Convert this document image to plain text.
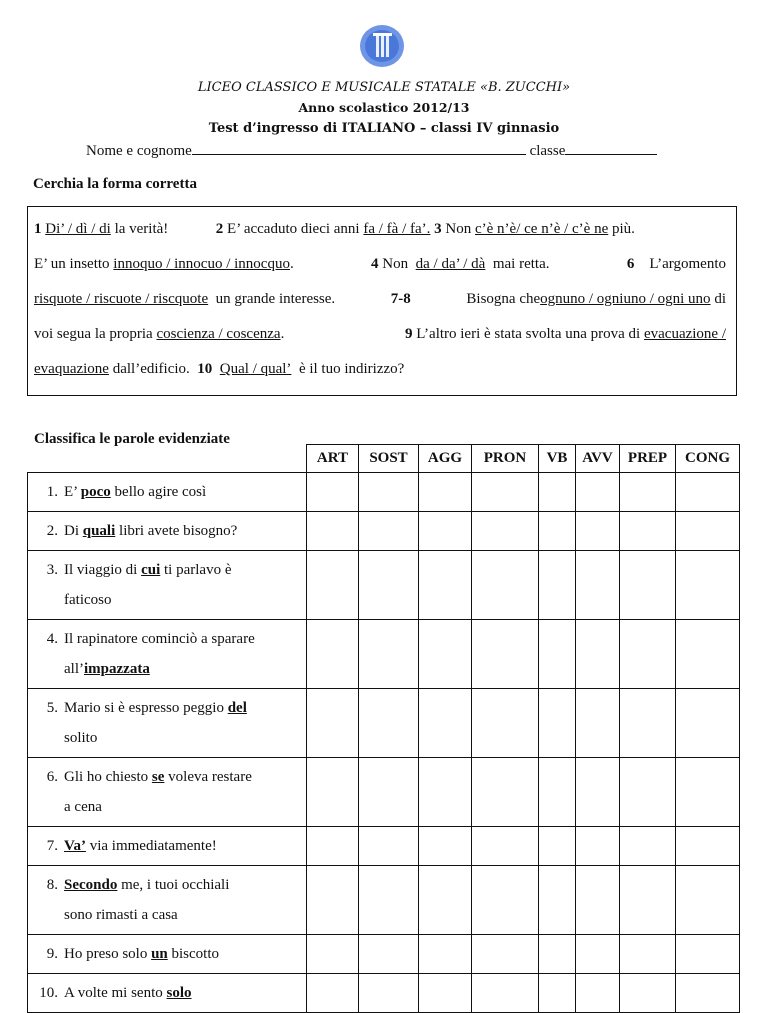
LICEO CLASSICO E MUSICALE STATALE «B. ZUCCHI»
Anno scolastico 2012/13
Test d’ingresso di ITALIANO – classi IV ginnasio
Nome e cognome	classe
Cerchia la forma corretta
1 Di’ / dì / di la verità!	2 E’ accaduto dieci anni fa / fà / fa’. 3 Non c’è n’è/ ce n’è / c’è ne più.
E’ un insetto innoquo / innocuo / innocquo.	4 Non da / da’ / dà mai retta.	6 L’argomento
risquote / riscuote / riscquote un grande interesse.	7-8	Bisogna cheognuno / ogniuno / ogni uno di
voi segua la propria coscienza / coscenza.	9 L’altro ieri è stata svolta una prova di evacuazione /
evaquazione dall’edificio. 10 Qual / qual’ è il tuo indirizzo?
Classifica le parole evidenziate
	ART	SOST	AGG	PRON	VB	AVV	PREP	CONG
1. E’ poco bello agire così								
2. Di quali libri avete bisogno?								
3. Il viaggio di cui ti parlavo è
faticoso								

4. Il rapinatore cominciò a sparare
all’impazzata								

5. Mario si è espresso peggio del
solito								

6. Gli ho chiesto se voleva restare
a cena								

7. Va’ via immediatamente!								
8. Secondo me, i tuoi occhiali
sono rimasti a casa								

9. Ho preso solo un biscotto								
10. A volte mi sento solo								
